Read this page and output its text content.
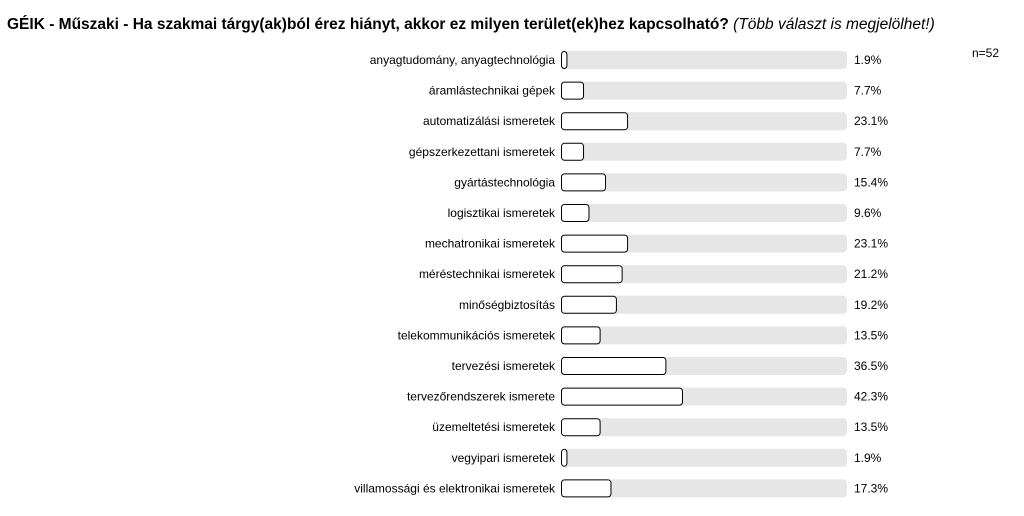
GÉIK - Műszaki - Ha szakmai tárgy(ak)ból érez hiányt, akkor ez milyen terület(ek)hez kapcsolható? (Több választ is megjelölhet!)
n=52
anyagtudomány, anyagtechnológia	1.9%
áramlástechnikai gépek	7.7%
automatizálási ismeretek	23.1%
gépszerkezettani ismeretek	7.7%
gyártástechnológia	15.4%
logisztikai ismeretek	9.6%
mechatronikai ismeretek	23.1%
méréstechnikai ismeretek	21.2%
minőségbiztosítás	19.2%
telekommunikációs ismeretek	13.5%
tervezési ismeretek	36.5%
tervezőrendszerek ismerete	42.3%
üzemeltetési ismeretek	13.5%
vegyipari ismeretek	1.9%
villamossági és elektronikai ismeretek	17.3%
